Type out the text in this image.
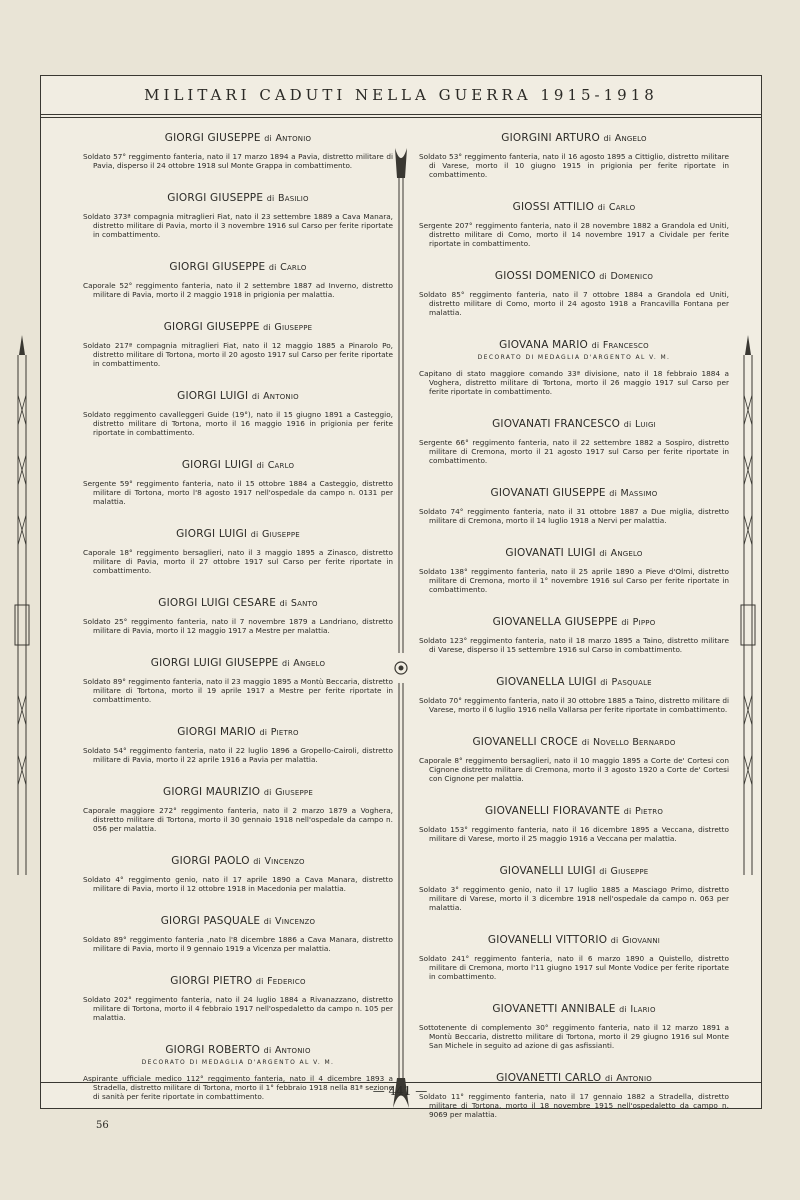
MILITARI CADUTI NELLA GUERRA 1915-1918
GIORGI GIUSEPPE di Antonio

Soldato 57° reggimento fanteria, nato il 17 marzo 1894 a Pavia, distretto militare di Pavia, disperso il 24 ottobre 1918 sul Monte Grappa in combattimento.

GIORGI GIUSEPPE di Basilio

Soldato 373ª compagnia mitraglieri Fiat, nato il 23 settembre 1889 a Cava Manara, distretto militare di Pavia, morto il 3 novembre 1916 sul Carso per ferite riportate in combattimento.

GIORGI GIUSEPPE di Carlo

Caporale 52° reggimento fanteria, nato il 2 settembre 1887 ad Inverno, distretto militare di Pavia, morto il 2 maggio 1918 in prigionia per malattia.

GIORGI GIUSEPPE di Giuseppe

Soldato 217ª compagnia mitraglieri Fiat, nato il 12 maggio 1885 a Pinarolo Po, distretto militare di Tortona, morto il 20 agosto 1917 sul Carso per ferite riportate in combattimento.

GIORGI LUIGI di Antonio

Soldato reggimento cavalleggeri Guide (19°), nato il 15 giugno 1891 a Casteggio, distretto militare di Tortona, morto il 16 maggio 1916 in prigionia per ferite riportate in combattimento.

GIORGI LUIGI di Carlo

Sergente 59° reggimento fanteria, nato il 15 ottobre 1884 a Casteggio, distretto militare di Tortona, morto l'8 agosto 1917 nell'ospedale da campo n. 0131 per malattia.

GIORGI LUIGI di Giuseppe

Caporale 18° reggimento bersaglieri, nato il 3 maggio 1895 a Zinasco, distretto militare di Pavia, morto il 27 ottobre 1917 sul Carso per ferite riportate in combattimento.

GIORGI LUIGI CESARE di Santo

Soldato 25° reggimento fanteria, nato il 7 novembre 1879 a Landriano, distretto militare di Pavia, morto il 12 maggio 1917 a Mestre per malattia.

GIORGI LUIGI GIUSEPPE di Angelo

Soldato 89° reggimento fanteria, nato il 23 maggio 1895 a Montù Beccaria, distretto militare di Tortona, morto il 19 aprile 1917 a Mestre per ferite riportate in combattimento.

GIORGI MARIO di Pietro

Soldato 54° reggimento fanteria, nato il 22 luglio 1896 a Gropello-Cairoli, distretto militare di Pavia, morto il 22 aprile 1916 a Pavia per malattia.

GIORGI MAURIZIO di Giuseppe

Caporale maggiore 272° reggimento fanteria, nato il 2 marzo 1879 a Voghera, distretto militare di Tortona, morto il 30 gennaio 1918 nell'ospedale da campo n. 056 per malattia.

GIORGI PAOLO di Vincenzo

Soldato 4° reggimento genio, nato il 17 aprile 1890 a Cava Manara, distretto militare di Pavia, morto il 12 ottobre 1918 in Macedonia per malattia.

GIORGI PASQUALE di Vincenzo

Soldato 89° reggimento fanteria ,nato l'8 dicembre 1886 a Cava Manara, distretto militare di Pavia, morto il 9 gennaio 1919 a Vicenza per malattia.

GIORGI PIETRO di Federico

Soldato 202° reggimento fanteria, nato il 24 luglio 1884 a Rivanazzano, distretto militare di Tortona, morto il 4 febbraio 1917 nell'ospedaletto da campo n. 105 per malattia.

GIORGI ROBERTO di Antonio
DECORATO DI MEDAGLIA D'ARGENTO AL V. M.

Aspirante ufficiale medico 112° reggimento fanteria, nato il 4 dicembre 1893 a Stradella, distretto militare di Tortona, morto il 1° febbraio 1918 nella 81ª sezione di sanità per ferite riportate in combattimento.

GIORGINI ARTURO di Angelo

Soldato 53° reggimento fanteria, nato il 16 agosto 1895 a Cittiglio, distretto militare di Varese, morto il 10 giugno 1915 in prigionia per ferite riportate in combattimento.

GIOSSI ATTILIO di Carlo

Sergente 207° reggimento fanteria, nato il 28 novembre 1882 a Grandola ed Uniti, distretto militare di Como, morto il 14 novembre 1917 a Cividale per ferite riportate in combattimento.

GIOSSI DOMENICO di Domenico

Soldato 85° reggimento fanteria, nato il 7 ottobre 1884 a Grandola ed Uniti, distretto militare di Como, morto il 24 agosto 1918 a Francavilla Fontana per malattia.

GIOVANA MARIO di Francesco
DECORATO DI MEDAGLIA D'ARGENTO AL V. M.

Capitano di stato maggiore comando 33ª divisione, nato il 18 febbraio 1884 a Voghera, distretto militare di Tortona, morto il 26 maggio 1917 sul Carso per ferite riportate in combattimento.

GIOVANATI FRANCESCO di Luigi

Sergente 66° reggimento fanteria, nato il 22 settembre 1882 a Sospiro, distretto militare di Cremona, morto il 21 agosto 1917 sul Carso per ferite riportate in combattimento.

GIOVANATI GIUSEPPE di Massimo

Soldato 74° reggimento fanteria, nato il 31 ottobre 1887 a Due miglia, distretto militare di Cremona, morto il 14 luglio 1918 a Nervi per malattia.

GIOVANATI LUIGI di Angelo

Soldato 138° reggimento fanteria, nato il 25 aprile 1890 a Pieve d'Olmi, distretto militare di Cremona, morto il 1° novembre 1916 sul Carso per ferite riportate in combattimento.

GIOVANELLA GIUSEPPE di Pippo

Soldato 123° reggimento fanteria, nato il 18 marzo 1895 a Taino, distretto militare di Varese, disperso il 15 settembre 1916 sul Carso in combattimento.

GIOVANELLA LUIGI di Pasquale

Soldato 70° reggimento fanteria, nato il 30 ottobre 1885 a Taino, distretto militare di Varese, morto il 6 luglio 1916 nella Vallarsa per ferite riportate in combattimento.

GIOVANELLI CROCE di Novello Bernardo

Caporale 8° reggimento bersaglieri, nato il 10 maggio 1895 a Corte de' Cortesi con Cignone distretto militare di Cremona, morto il 3 agosto 1920 a Corte de' Cortesi con Cignone per malattia.

GIOVANELLI FIORAVANTE di Pietro

Soldato 153° reggimento fanteria, nato il 16 dicembre 1895 a Veccana, distretto militare di Varese, morto il 25 maggio 1916 a Veccana per malattia.

GIOVANELLI LUIGI di Giuseppe

Soldato 3° reggimento genio, nato il 17 luglio 1885 a Masciago Primo, distretto militare di Varese, morto il 3 dicembre 1918 nell'ospedale da campo n. 063 per malattia.

GIOVANELLI VITTORIO di Giovanni

Soldato 241° reggimento fanteria, nato il 6 marzo 1890 a Quistello, distretto militare di Cremona, morto l'11 giugno 1917 sul Monte Vodice per ferite riportate in combattimento.

GIOVANETTI ANNIBALE di Ilario

Sottotenente di complemento 30° reggimento fanteria, nato il 12 marzo 1891 a Montù Beccaria, distretto militare di Tortona, morto il 29 giugno 1916 sul Monte San Michele in seguito ad azione di gas asfissianti.

GIOVANETTI CARLO di Antonio

Soldato 11° reggimento fanteria, nato il 17 gennaio 1882 a Stradella, distretto militare di Tortona, morto il 18 novembre 1915 nell'ospedaletto da campo n. 9069 per malattia.

— 441 —
56
